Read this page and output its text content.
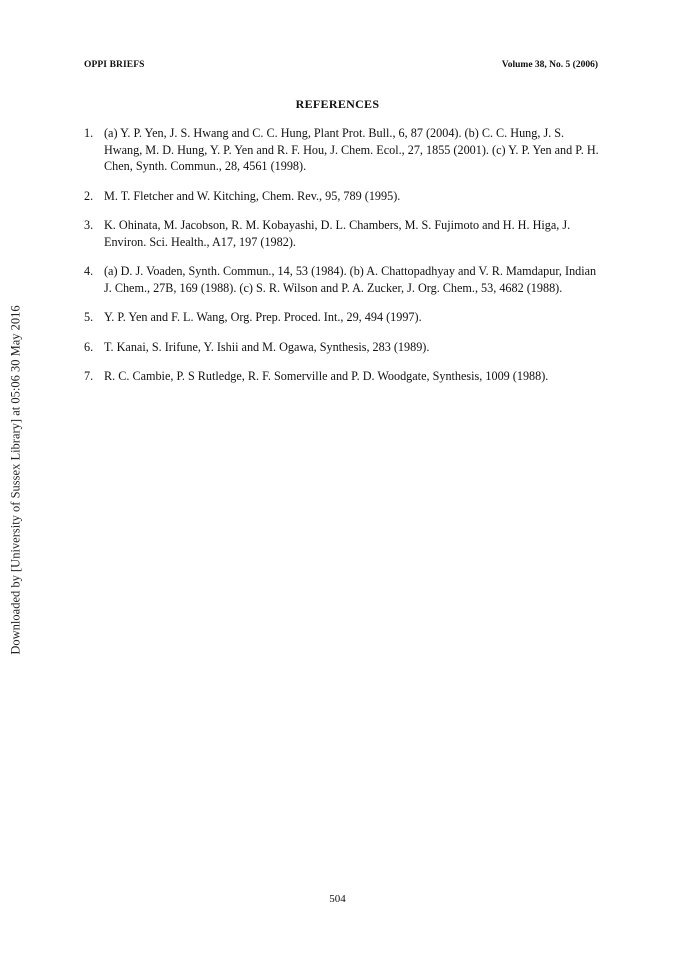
OPPI BRIEFS	Volume 38, No. 5 (2006)
REFERENCES
1. (a) Y. P. Yen, J. S. Hwang and C. C. Hung, Plant Prot. Bull., 6, 87 (2004). (b) C. C. Hung, J. S. Hwang, M. D. Hung, Y. P. Yen and R. F. Hou, J. Chem. Ecol., 27, 1855 (2001). (c) Y. P. Yen and P. H. Chen, Synth. Commun., 28, 4561 (1998).
2. M. T. Fletcher and W. Kitching, Chem. Rev., 95, 789 (1995).
3. K. Ohinata, M. Jacobson, R. M. Kobayashi, D. L. Chambers, M. S. Fujimoto and H. H. Higa, J. Environ. Sci. Health., A17, 197 (1982).
4. (a) D. J. Voaden, Synth. Commun., 14, 53 (1984). (b) A. Chattopadhyay and V. R. Mamdapur, Indian J. Chem., 27B, 169 (1988). (c) S. R. Wilson and P. A. Zucker, J. Org. Chem., 53, 4682 (1988).
5. Y. P. Yen and F. L. Wang, Org. Prep. Proced. Int., 29, 494 (1997).
6. T. Kanai, S. Irifune, Y. Ishii and M. Ogawa, Synthesis, 283 (1989).
7. R. C. Cambie, P. S Rutledge, R. F. Somerville and P. D. Woodgate, Synthesis, 1009 (1988).
Downloaded by [University of Sussex Library] at 05:06 30 May 2016
504
